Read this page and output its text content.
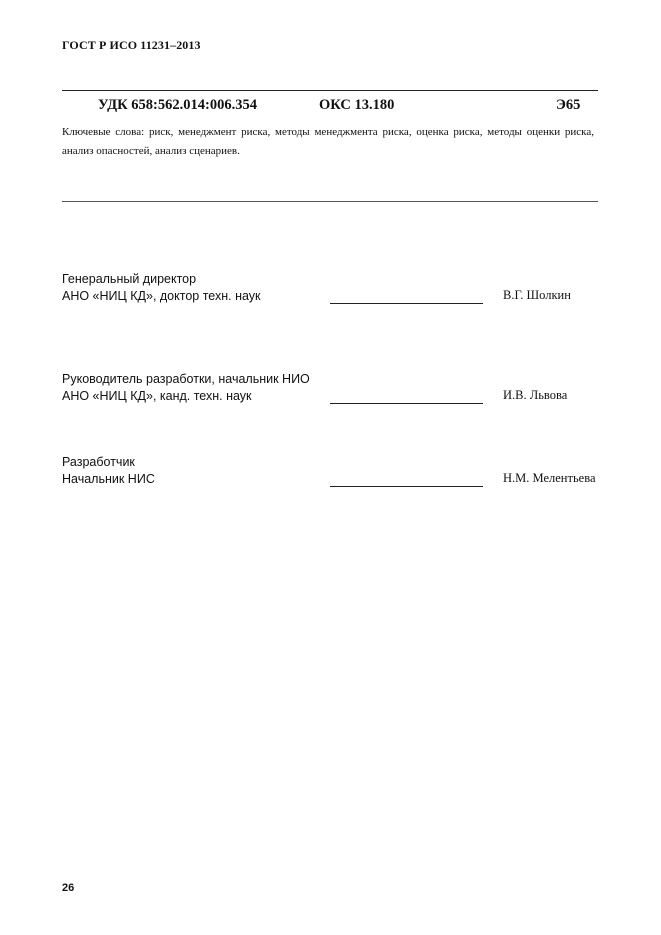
ГОСТ Р ИСО 11231–2013
УДК 658:562.014:006.354	ОКС 13.180	Э65
Ключевые слова: риск, менеджмент риска, методы менеджмента риска, оценка риска, методы оценки риска, анализ опасностей, анализ сценариев.
Генеральный директор
АНО «НИЦ КД», доктор техн. наук	В.Г. Шолкин
Руководитель разработки, начальник НИО
АНО «НИЦ КД», канд. техн. наук	И.В. Львова
Разработчик
Начальник НИС	Н.М. Мелентьева
26
